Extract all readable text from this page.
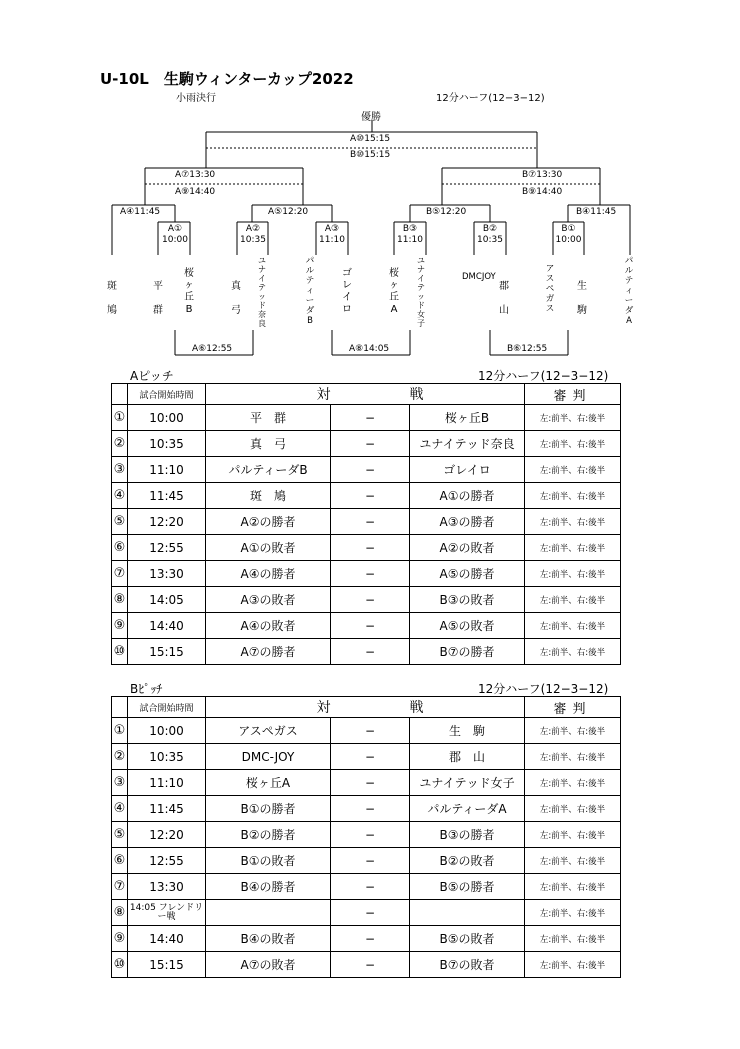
U-10L　生駒ウィンターカップ2022
小雨決行	12分ハーフ(12−3−12)
優勝
A⑩15:15
B⑩15:15
A⑦13:30
A⑨14:40
B⑦13:30
B⑨14:40
A④11:45	A⑤12:20	B⑤12:20	B④11:45
A①
10:00
A②
10:35
A③
11:10
B③
11:10
B②
10:35
B①
10:00
斑鳩
平群
桜ヶ丘B
真弓
ユナイテッド奈良
パルティーダB
ゴレイロ
桜ヶ丘A
ユナイテッド女子
DMCJOY
郡山
アスペガス
生駒
パルティーダA
A⑥12:55	A⑧14:05	B⑥12:55
Aピッチ	12分ハーフ(12−3−12)
	試合開始時間	対		戦	審判
①	10:00	平　群	−	桜ヶ丘B	左:前半、右:後半
②	10:35	真　弓	−	ユナイテッド奈良	左:前半、右:後半
③	11:10	パルティーダB	−	ゴレイロ	左:前半、右:後半
④	11:45	斑　鳩	−	A①の勝者	左:前半、右:後半
⑤	12:20	A②の勝者	−	A③の勝者	左:前半、右:後半
⑥	12:55	A①の敗者	−	A②の敗者	左:前半、右:後半
⑦	13:30	A④の勝者	−	A⑤の勝者	左:前半、右:後半
⑧	14:05	A③の敗者	−	B③の敗者	左:前半、右:後半
⑨	14:40	A④の敗者	−	A⑤の敗者	左:前半、右:後半
⑩	15:15	A⑦の勝者	−	B⑦の勝者	左:前半、右:後半
Bﾋﾟｯﾁ	12分ハーフ(12−3−12)
	試合開始時間	対		戦	審判
①	10:00	アスペガス	−	生　駒	左:前半、右:後半
②	10:35	DMC-JOY	−	郡　山	左:前半、右:後半
③	11:10	桜ヶ丘A	−	ユナイテッド女子	左:前半、右:後半
④	11:45	B①の勝者	−	パルティーダA	左:前半、右:後半
⑤	12:20	B②の勝者	−	B③の勝者	左:前半、右:後半
⑥	12:55	B①の敗者	−	B②の敗者	左:前半、右:後半
⑦	13:30	B④の勝者	−	B⑤の勝者	左:前半、右:後半
⑧	14:05 フレンドリー戦		−		左:前半、右:後半
⑨	14:40	B④の敗者	−	B⑤の敗者	左:前半、右:後半
⑩	15:15	A⑦の敗者	−	B⑦の敗者	左:前半、右:後半
